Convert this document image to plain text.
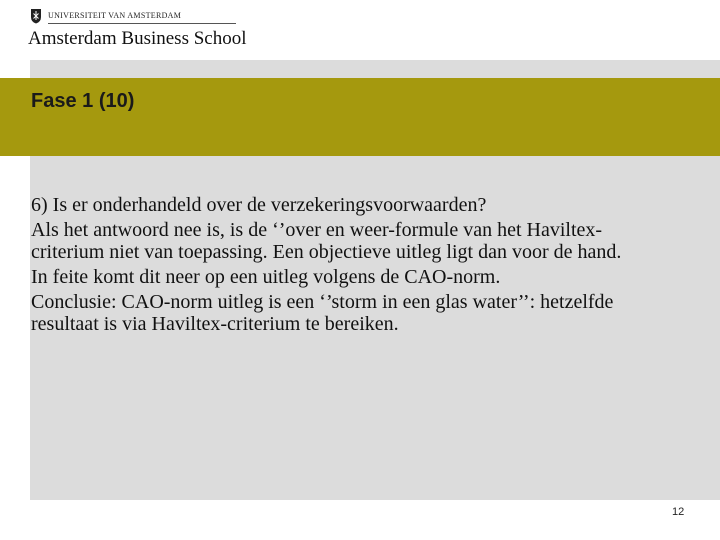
UNIVERSITEIT VAN AMSTERDAM
Amsterdam Business School
Fase 1 (10)

6) Is er onderhandeld over de verzekeringsvoorwaarden?

Als het antwoord nee is, is de ‘’over en weer-formule van het Haviltex-criterium niet van toepassing. Een objectieve uitleg ligt dan voor de hand.

In feite komt dit neer op een uitleg volgens de CAO-norm.

Conclusie: CAO-norm uitleg is een ‘’storm in een glas water’’: hetzelfde resultaat is via Haviltex-criterium te bereiken.

12
